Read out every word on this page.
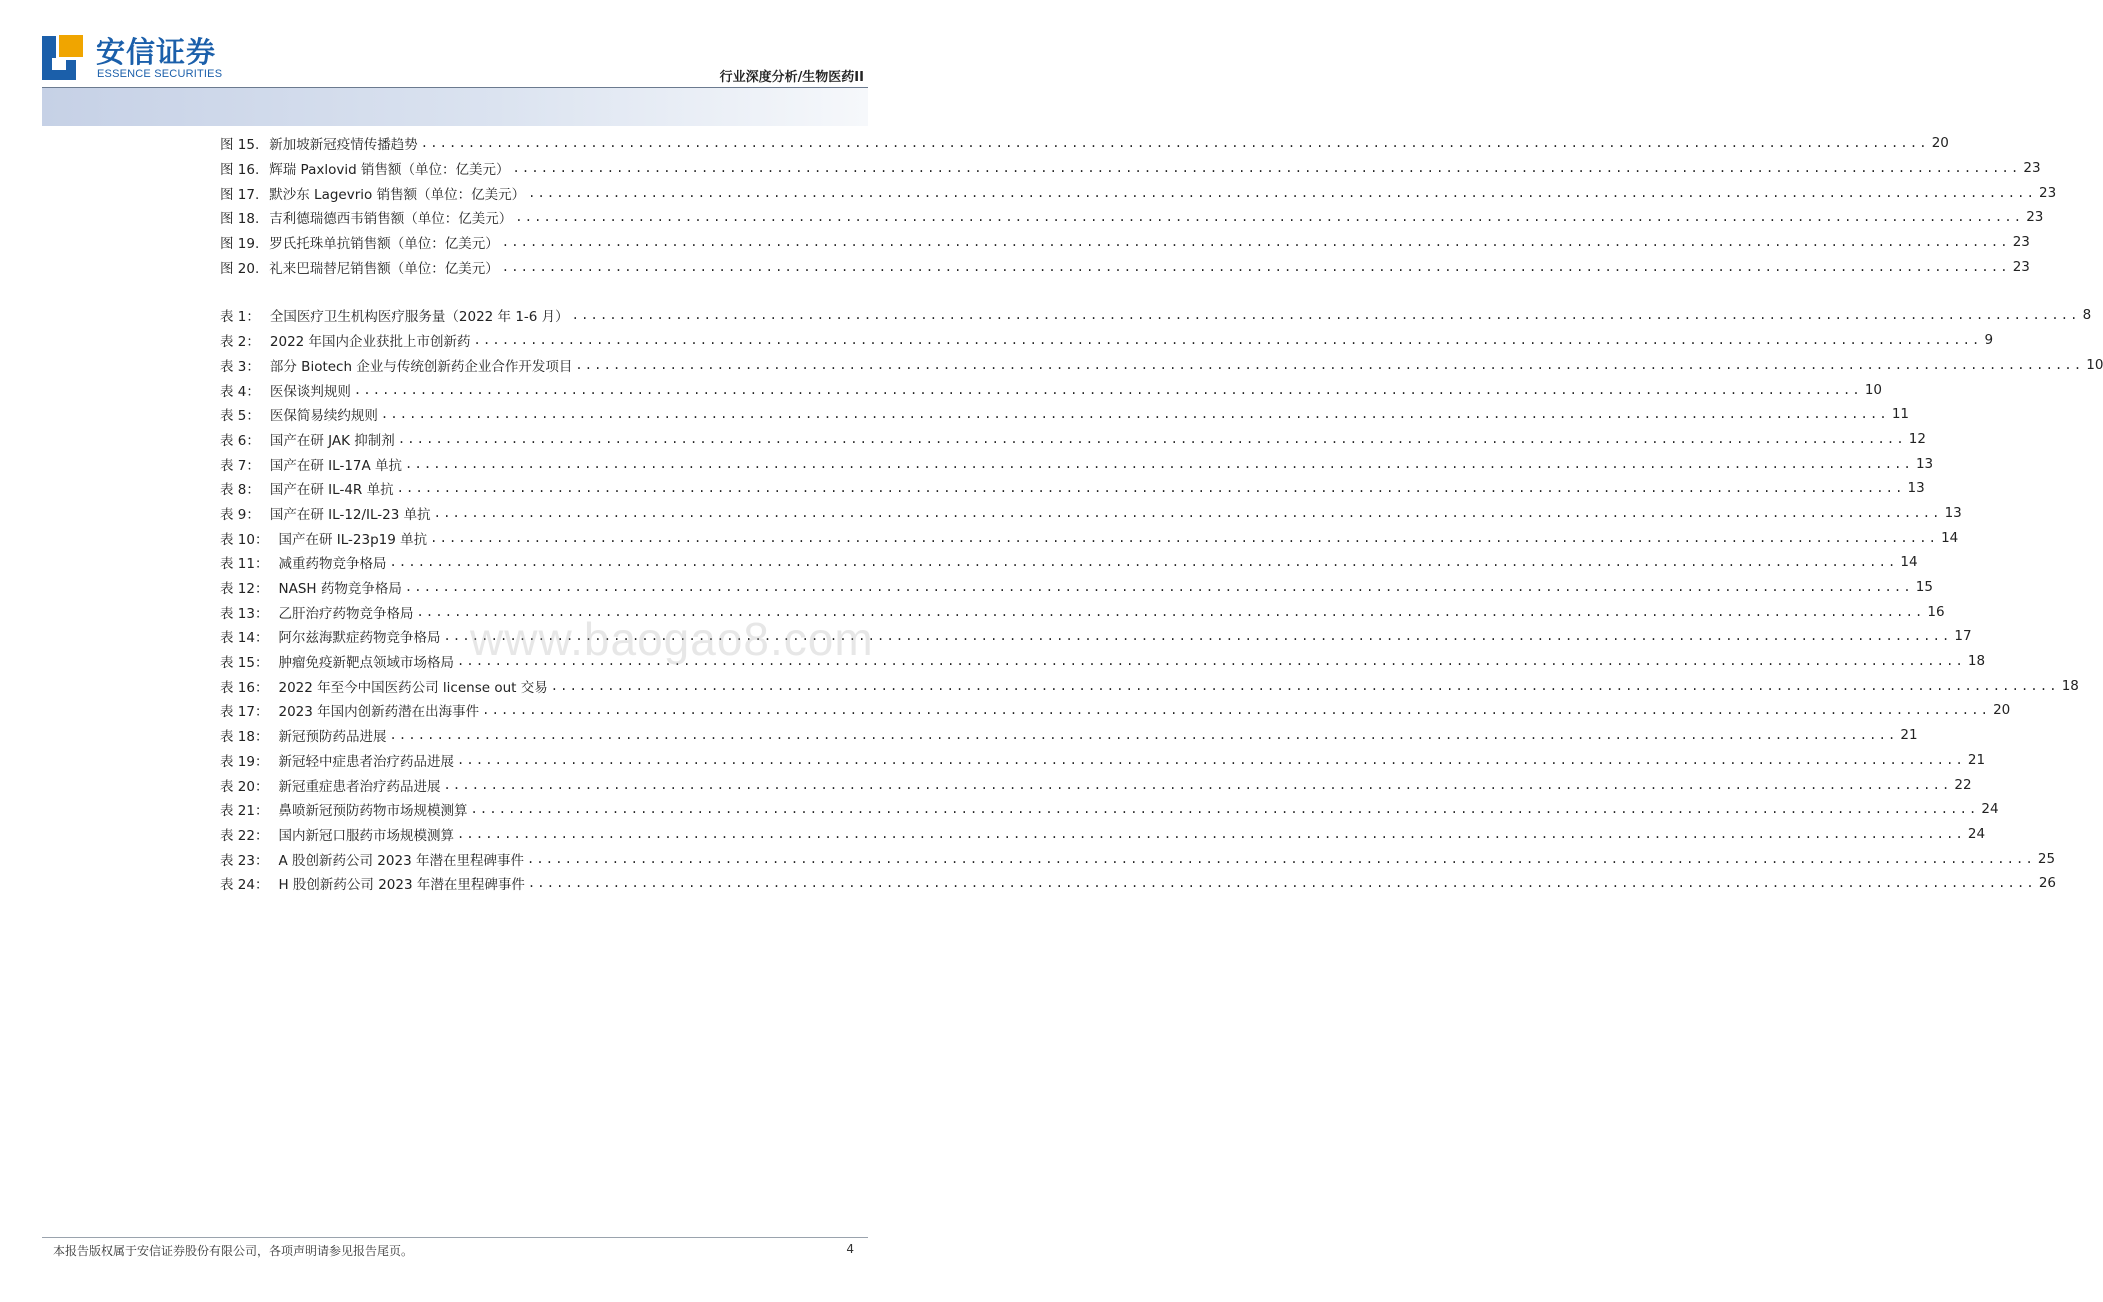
安信证券
ESSENCE SECURITIES	行业深度分析/生物医药II
图 15. 新加坡新冠疫情传播趋势 ................................................................................................................................................................ 20
图 16. 辉瑞 Paxlovid 销售额（单位：亿美元） ................................................................................................................................................................ 23
图 17. 默沙东 Lagevrio 销售额（单位：亿美元） ................................................................................................................................................................ 23
图 18. 吉利德瑞德西韦销售额（单位：亿美元） ................................................................................................................................................................ 23
图 19. 罗氏托珠单抗销售额（单位：亿美元） ................................................................................................................................................................ 23
图 20. 礼来巴瑞替尼销售额（单位：亿美元） ................................................................................................................................................................ 23
表 1： 全国医疗卫生机构医疗服务量（2022 年 1-6 月） ................................................................................................................................................................ 8
表 2： 2022 年国内企业获批上市创新药 ................................................................................................................................................................ 9
表 3： 部分 Biotech 企业与传统创新药企业合作开发项目 ................................................................................................................................................................ 10
表 4： 医保谈判规则 ................................................................................................................................................................ 10
表 5： 医保简易续约规则 ................................................................................................................................................................ 11
表 6： 国产在研 JAK 抑制剂 ................................................................................................................................................................ 12
表 7： 国产在研 IL-17A 单抗 ................................................................................................................................................................ 13
表 8： 国产在研 IL-4R 单抗 ................................................................................................................................................................ 13
表 9： 国产在研 IL-12/IL-23 单抗 ................................................................................................................................................................ 13
表 10： 国产在研 IL-23p19 单抗 ................................................................................................................................................................ 14
表 11： 减重药物竞争格局 ................................................................................................................................................................ 14
表 12： NASH 药物竞争格局 ................................................................................................................................................................ 15
表 13： 乙肝治疗药物竞争格局 ................................................................................................................................................................ 16
表 14： 阿尔兹海默症药物竞争格局 ................................................................................................................................................................ 17
表 15： 肿瘤免疫新靶点领域市场格局 ................................................................................................................................................................ 18
表 16： 2022 年至今中国医药公司 license out 交易 ................................................................................................................................................................ 18
表 17： 2023 年国内创新药潜在出海事件 ................................................................................................................................................................ 20
表 18： 新冠预防药品进展 ................................................................................................................................................................ 21
表 19： 新冠轻中症患者治疗药品进展 ................................................................................................................................................................ 21
表 20： 新冠重症患者治疗药品进展 ................................................................................................................................................................ 22
表 21： 鼻喷新冠预防药物市场规模测算 ................................................................................................................................................................ 24
表 22： 国内新冠口服药市场规模测算 ................................................................................................................................................................ 24
表 23： A 股创新药公司 2023 年潜在里程碑事件 ................................................................................................................................................................ 25
表 24： H 股创新药公司 2023 年潜在里程碑事件 ................................................................................................................................................................ 26
www.baogao8.com
本报告版权属于安信证券股份有限公司，各项声明请参见报告尾页。	4
